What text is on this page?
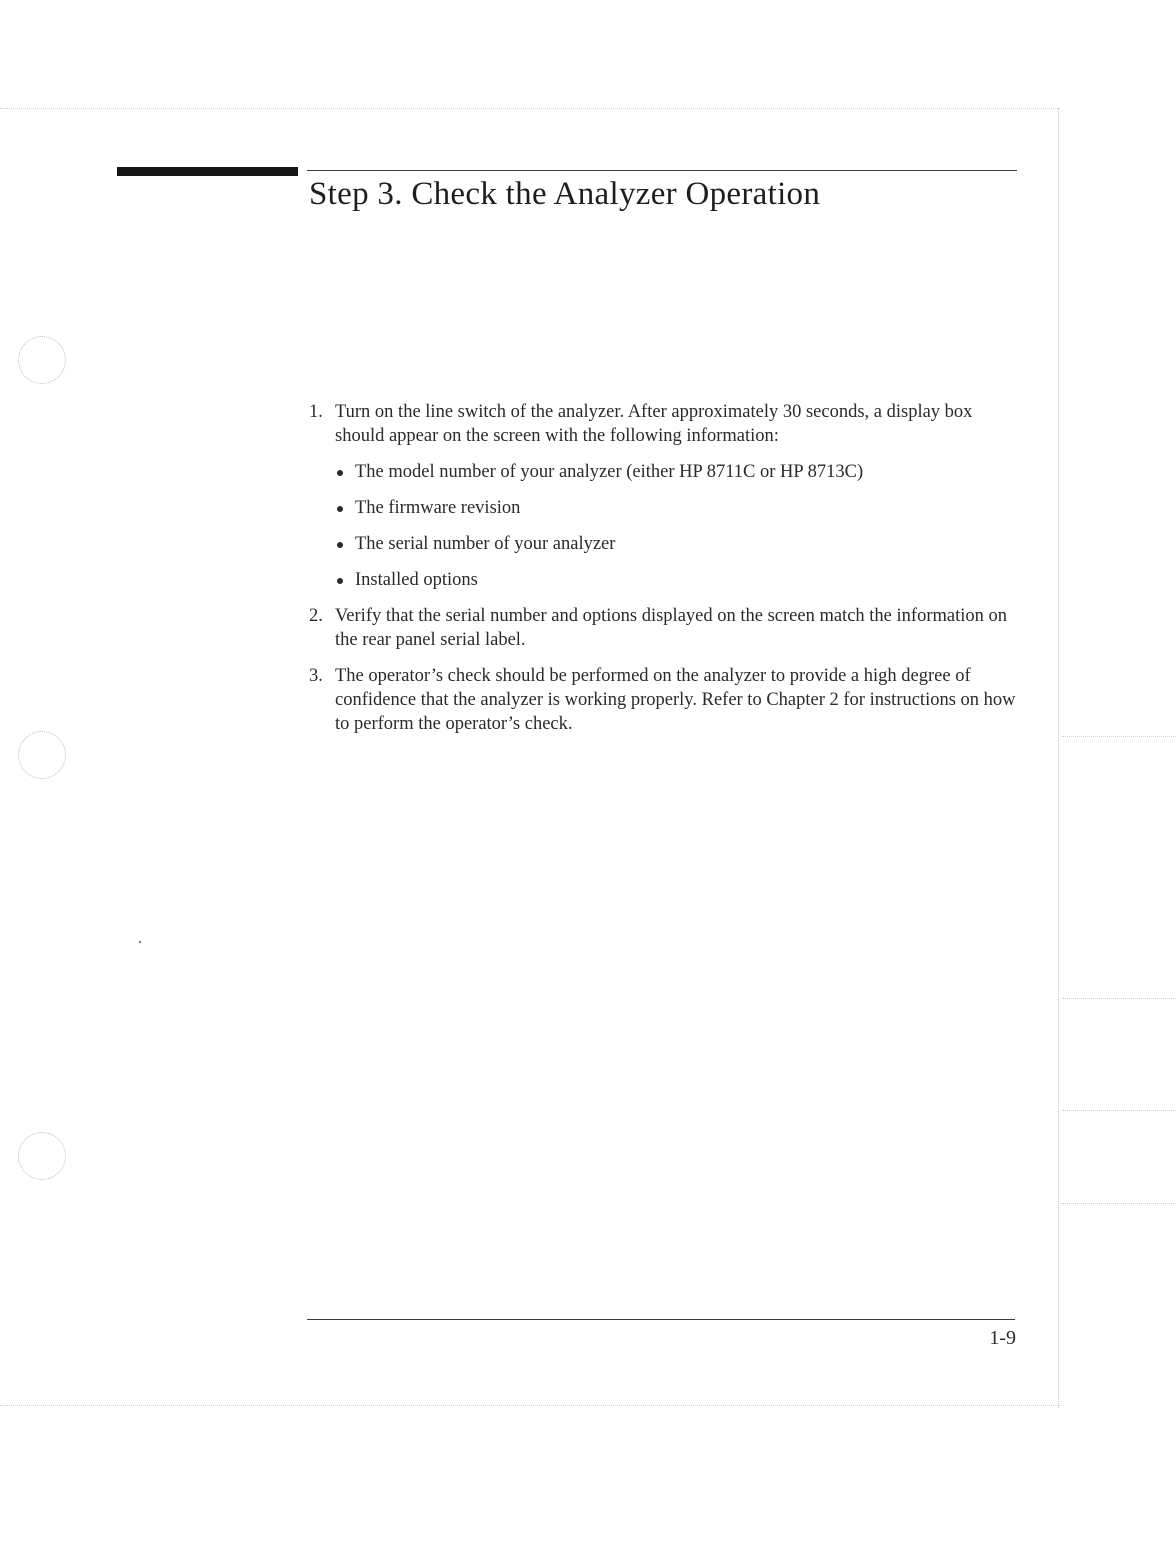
Step 3. Check the Analyzer Operation
1. Turn on the line switch of the analyzer. After approximately 30 seconds, a display box should appear on the screen with the following information:
The model number of your analyzer (either HP 8711C or HP 8713C)
The firmware revision
The serial number of your analyzer
Installed options
2. Verify that the serial number and options displayed on the screen match the information on the rear panel serial label.
3. The operator’s check should be performed on the analyzer to provide a high degree of confidence that the analyzer is working properly. Refer to Chapter 2 for instructions on how to perform the operator’s check.
1-9
